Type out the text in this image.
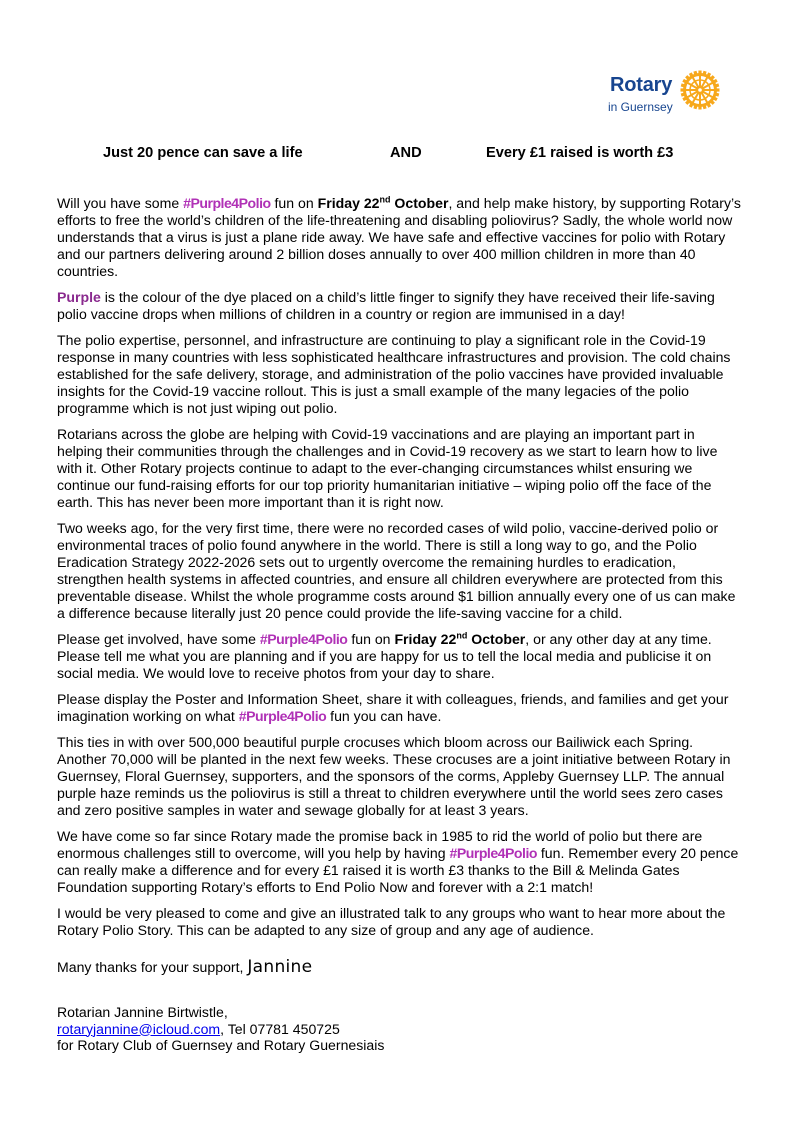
Rotary
in Guernsey
Just 20 pence can save a life	AND	Every £1 raised is worth £3

Will you have some #Purple4Polio fun on Friday 22nd October, and help make history, by supporting Rotary’s efforts to free the world’s children of the life-threatening and disabling poliovirus? Sadly, the whole world now understands that a virus is just a plane ride away. We have safe and effective vaccines for polio with Rotary and our partners delivering around 2 billion doses annually to over 400 million children in more than 40 countries.

Purple is the colour of the dye placed on a child’s little finger to signify they have received their life-saving polio vaccine drops when millions of children in a country or region are immunised in a day!

The polio expertise, personnel, and infrastructure are continuing to play a significant role in the Covid-19 response in many countries with less sophisticated healthcare infrastructures and provision. The cold chains established for the safe delivery, storage, and administration of the polio vaccines have provided invaluable insights for the Covid-19 vaccine rollout. This is just a small example of the many legacies of the polio programme which is not just wiping out polio.

Rotarians across the globe are helping with Covid-19 vaccinations and are playing an important part in helping their communities through the challenges and in Covid-19 recovery as we start to learn how to live with it. Other Rotary projects continue to adapt to the ever-changing circumstances whilst ensuring we continue our fund-raising efforts for our top priority humanitarian initiative – wiping polio off the face of the earth. This has never been more important than it is right now.

Two weeks ago, for the very first time, there were no recorded cases of wild polio, vaccine-derived polio or environmental traces of polio found anywhere in the world. There is still a long way to go, and the Polio Eradication Strategy 2022-2026 sets out to urgently overcome the remaining hurdles to eradication, strengthen health systems in affected countries, and ensure all children everywhere are protected from this preventable disease. Whilst the whole programme costs around $1 billion annually every one of us can make a difference because literally just 20 pence could provide the life-saving vaccine for a child.

Please get involved, have some #Purple4Polio fun on Friday 22nd October, or any other day at any time. Please tell me what you are planning and if you are happy for us to tell the local media and publicise it on social media. We would love to receive photos from your day to share.

Please display the Poster and Information Sheet, share it with colleagues, friends, and families and get your imagination working on what #Purple4Polio fun you can have.

This ties in with over 500,000 beautiful purple crocuses which bloom across our Bailiwick each Spring. Another 70,000 will be planted in the next few weeks. These crocuses are a joint initiative between Rotary in Guernsey, Floral Guernsey, supporters, and the sponsors of the corms, Appleby Guernsey LLP. The annual purple haze reminds us the poliovirus is still a threat to children everywhere until the world sees zero cases and zero positive samples in water and sewage globally for at least 3 years.

We have come so far since Rotary made the promise back in 1985 to rid the world of polio but there are enormous challenges still to overcome, will you help by having #Purple4Polio fun. Remember every 20 pence can really make a difference and for every £1 raised it is worth £3 thanks to the Bill & Melinda Gates Foundation supporting Rotary’s efforts to End Polio Now and forever with a 2:1 match!

I would be very pleased to come and give an illustrated talk to any groups who want to hear more about the Rotary Polio Story. This can be adapted to any size of group and any age of audience.

Many thanks for your support, Jannine

Rotarian Jannine Birtwistle,
rotaryjannine@icloud.com, Tel 07781 450725
for Rotary Club of Guernsey and Rotary Guernesiais
